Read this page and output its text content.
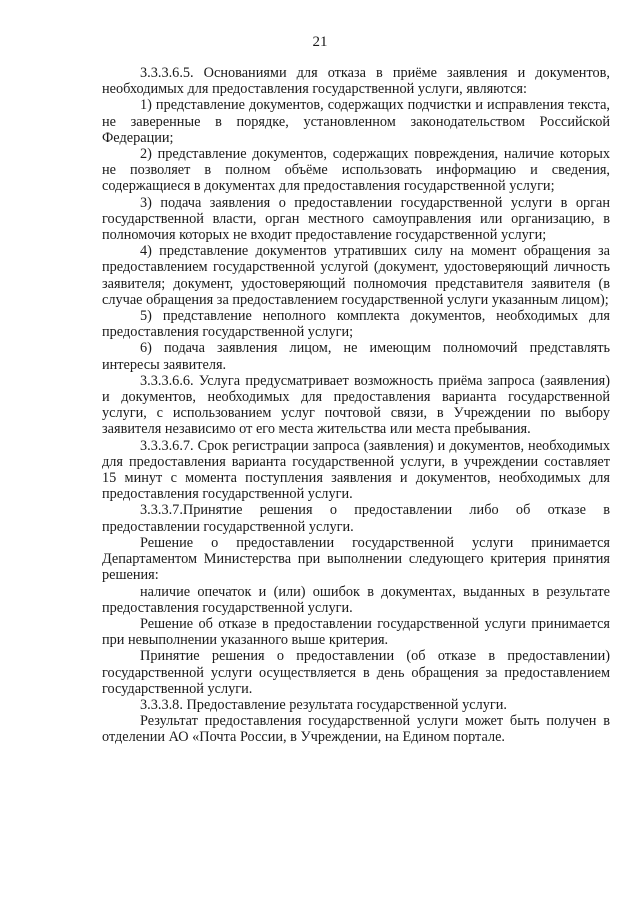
21

3.3.3.6.5. Основаниями для отказа в приёме заявления и документов, необходимых для предоставления государственной услуги, являются:

1) представление документов, содержащих подчистки и исправления текста, не заверенные в порядке, установленном законодательством Российской Федерации;

2) представление документов, содержащих повреждения, наличие которых не позволяет в полном объёме использовать информацию и сведения, содержащиеся в документах для предоставления государственной услуги;

3) подача заявления о предоставлении государственной услуги в орган государственной власти, орган местного самоуправления или организацию, в полномочия которых не входит предоставление государственной услуги;

4) представление документов утративших силу на момент обращения за предоставлением государственной услугой (документ, удостоверяющий личность заявителя; документ, удостоверяющий полномочия представителя заявителя (в случае обращения за предоставлением государственной услуги указанным лицом);

5) представление неполного комплекта документов, необходимых для предоставления государственной услуги;

6) подача заявления лицом, не имеющим полномочий представлять интересы заявителя.

3.3.3.6.6. Услуга предусматривает возможность приёма запроса (заявления) и документов, необходимых для предоставления варианта государственной услуги, с использованием услуг почтовой связи, в Учреждении по выбору заявителя независимо от его места жительства или места пребывания.

3.3.3.6.7. Срок регистрации запроса (заявления) и документов, необходимых для предоставления варианта государственной услуги, в учреждении составляет 15 минут с момента поступления заявления и документов, необходимых для предоставления государственной услуги.

3.3.3.7.Принятие решения о предоставлении либо об отказе в предоставлении государственной услуги.

Решение о предоставлении государственной услуги принимается Департаментом Министерства при выполнении следующего критерия принятия решения:

наличие опечаток и (или) ошибок в документах, выданных в результате предоставления государственной услуги.

Решение об отказе в предоставлении государственной услуги принимается при невыполнении указанного выше критерия.

Принятие решения о предоставлении (об отказе в предоставлении) государственной услуги осуществляется в день обращения за предоставлением государственной услуги.

3.3.3.8. Предоставление результата государственной услуги.

Результат предоставления государственной услуги может быть получен в отделении АО «Почта России, в Учреждении, на Едином портале.
